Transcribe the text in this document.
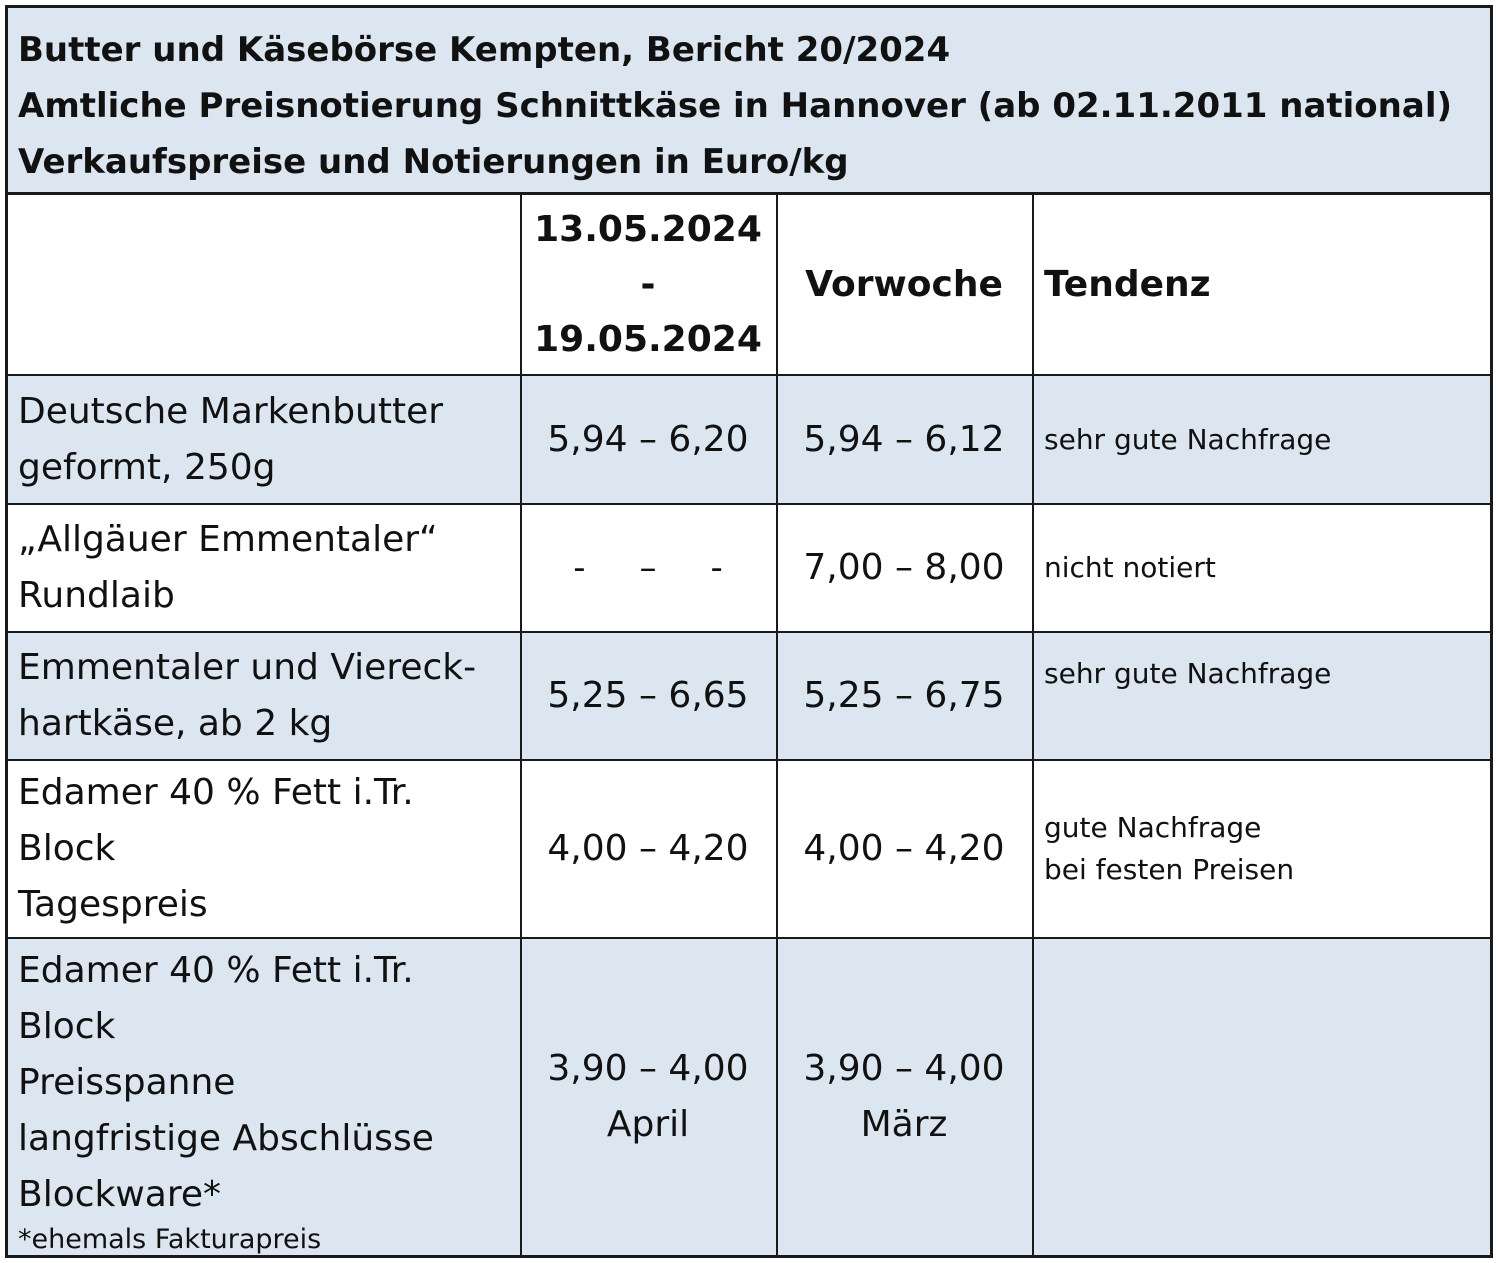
Butter und Käsebörse Kempten, Bericht 20/2024
Amtliche Preisnotierung Schnittkäse in Hannover (ab 02.11.2011 national)
Verkaufspreise und Notierungen in Euro/kg
13.05.2024
-
19.05.2024
Vorwoche Tendenz
Deutsche Markenbutter
geformt, 250g
5,94 – 6,20 5,94 – 6,12 sehr gute Nachfrage
„Allgäuer Emmentaler“
Rundlaib
-     –     - 7,00 – 8,00 nicht notiert
Emmentaler und Viereck-
hartkäse, ab 2 kg
5,25 – 6,65 5,25 – 6,75
sehr gute Nachfrage
Edamer 40 % Fett i.Tr.
Block
Tagespreis
4,00 – 4,20 4,00 – 4,20
gute Nachfrage
bei festen Preisen
Edamer 40 % Fett i.Tr.
Block
Preisspanne
langfristige Abschlüsse
Blockware*
*ehemals Fakturapreis
3,90 – 4,00
April
3,90 – 4,00
März
